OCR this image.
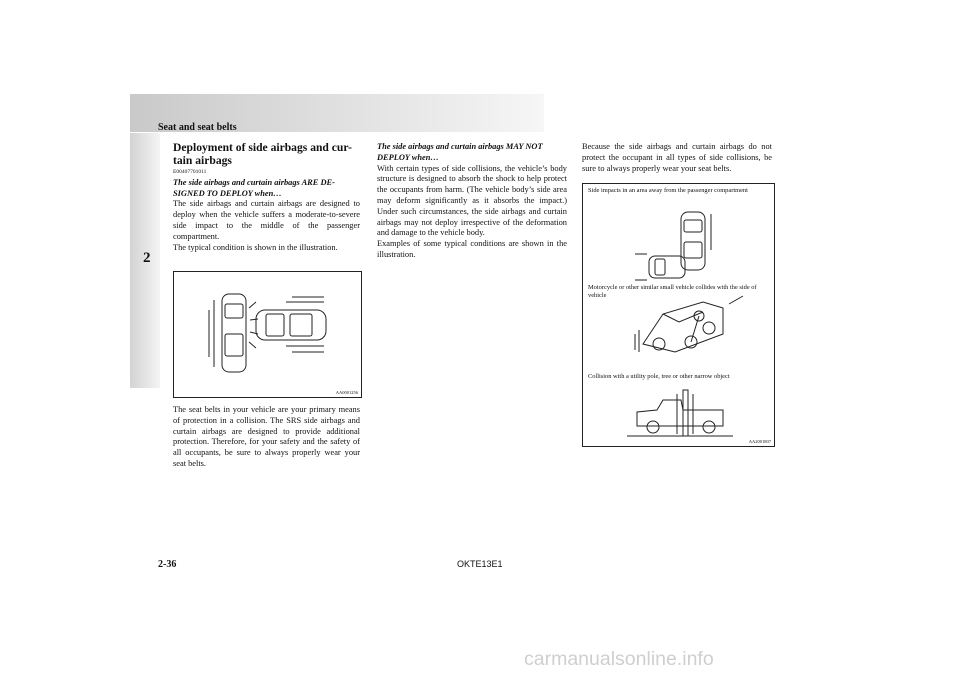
Seat and seat belts
2

Deployment of side airbags and cur-

tain airbags

E00407701011

The side airbags and curtain airbags ARE DE-

SIGNED TO DEPLOY when…

The side airbags and curtain airbags are designed to deploy when the vehicle suffers a moderate-to-severe side impact to the middle of the passenger compartment.

The typical condition is shown in the illustration.

AA0001256

The seat belts in your vehicle are your primary means of protection in a collision. The SRS side airbags and curtain airbags are designed to provide additional protection. Therefore, for your safety and the safety of all occupants, be sure to always properly wear your seat belts.

The side airbags and curtain airbags MAY NOT

DEPLOY when…

With certain types of side collisions, the vehicle’s body structure is designed to absorb the shock to help protect the occupants from harm. (The vehicle body’s side area may deform significantly as it absorbs the impact.) Under such circumstances, the side airbags and curtain airbags may not deploy irrespective of the deformation and damage to the vehicle body.

Examples of some typical conditions are shown in the illustration.

Because the side airbags and curtain airbags do not protect the occupant in all types of side collisions, be sure to always properly wear your seat belts.

Side impacts in an area away from the passenger compartment
Motorcycle or other similar small vehicle collides with the side of vehicle
Collision with a utility pole, tree or other narrow object
AA2001807
2-36	OKTE13E1
carmanualsonline.info
